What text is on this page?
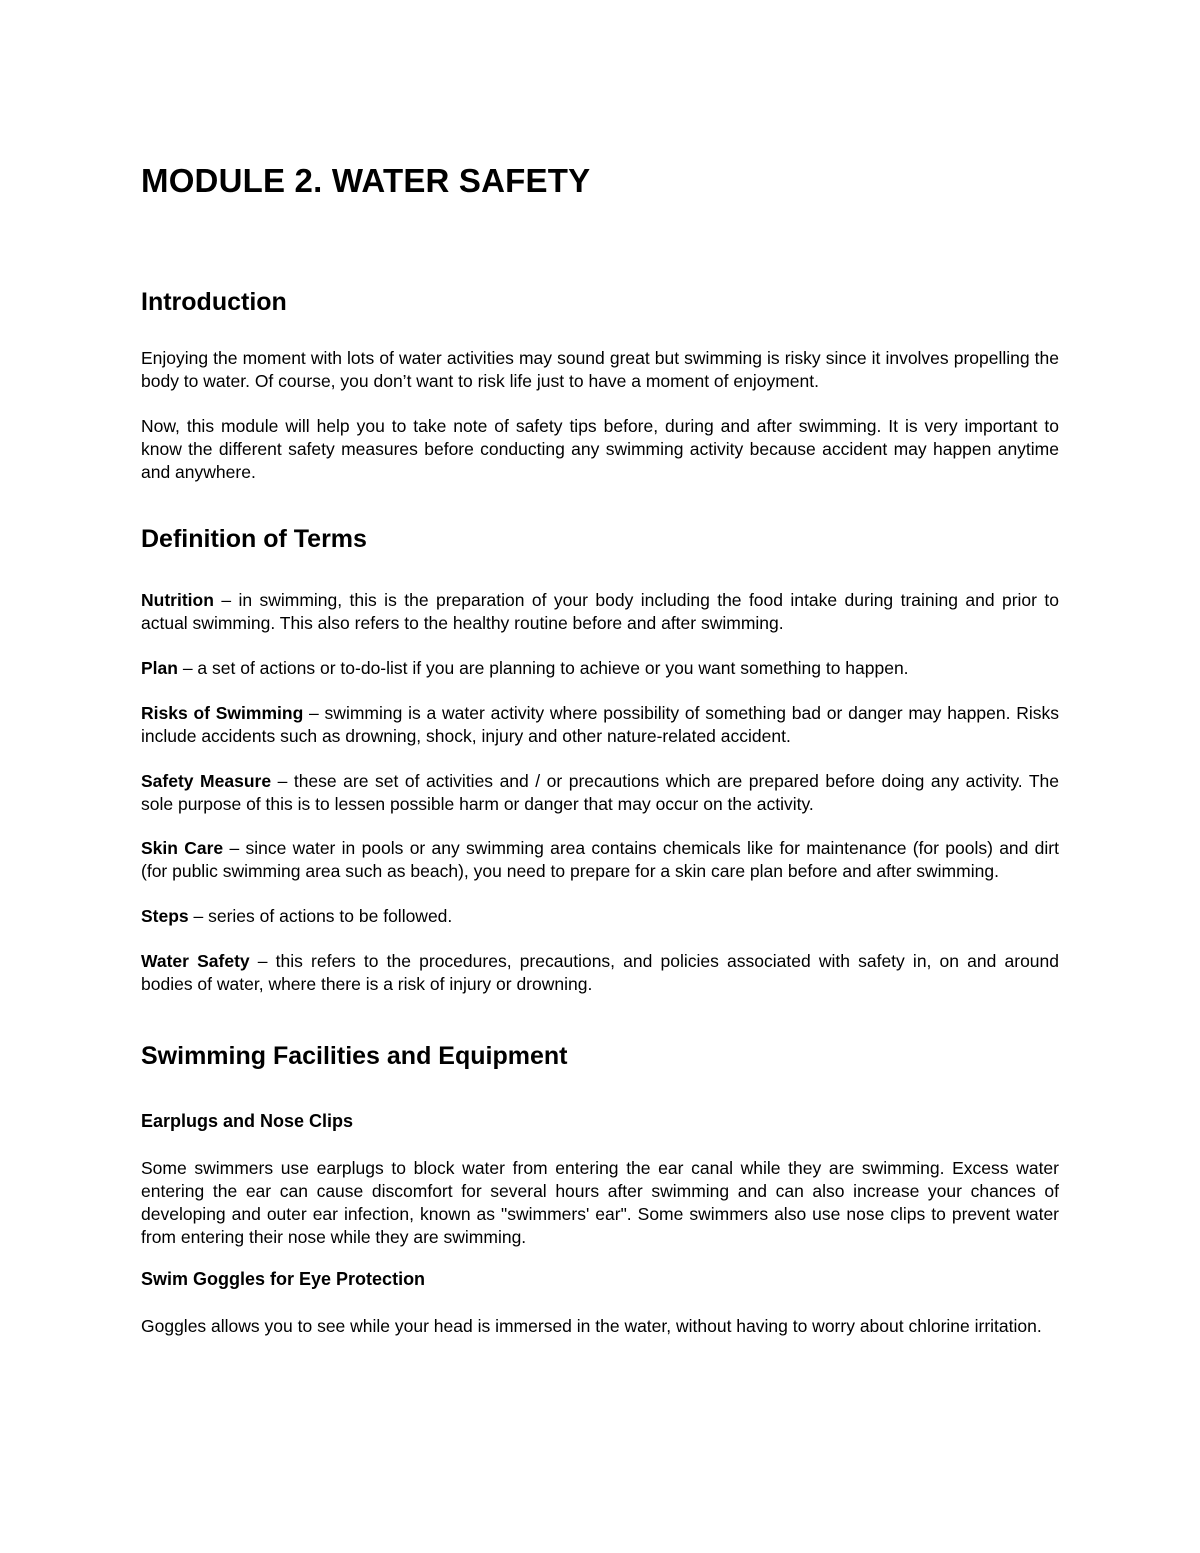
MODULE 2. WATER SAFETY
Introduction

Enjoying the moment with lots of water activities may sound great but swimming is risky since it involves propelling the body to water. Of course, you don’t want to risk life just to have a moment of enjoyment.

Now, this module will help you to take note of safety tips before, during and after swimming. It is very important to know the different safety measures before conducting any swimming activity because accident may happen anytime and anywhere.

Definition of Terms

Nutrition – in swimming, this is the preparation of your body including the food intake during training and prior to actual swimming. This also refers to the healthy routine before and after swimming.

Plan – a set of actions or to-do-list if you are planning to achieve or you want something to happen.

Risks of Swimming – swimming is a water activity where possibility of something bad or danger may happen. Risks include accidents such as drowning, shock, injury and other nature-related accident.

Safety Measure – these are set of activities and / or precautions which are prepared before doing any activity. The sole purpose of this is to lessen possible harm or danger that may occur on the activity.

Skin Care – since water in pools or any swimming area contains chemicals like for maintenance (for pools) and dirt (for public swimming area such as beach), you need to prepare for a skin care plan before and after swimming.

Steps – series of actions to be followed.

Water Safety – this refers to the procedures, precautions, and policies associated with safety in, on and around bodies of water, where there is a risk of injury or drowning.

Swimming Facilities and Equipment
Earplugs and Nose Clips

Some swimmers use earplugs to block water from entering the ear canal while they are swimming. Excess water entering the ear can cause discomfort for several hours after swimming and can also increase your chances of developing and outer ear infection, known as "swimmers' ear". Some swimmers also use nose clips to prevent water from entering their nose while they are swimming.

Swim Goggles for Eye Protection

Goggles allows you to see while your head is immersed in the water, without having to worry about chlorine irritation.
